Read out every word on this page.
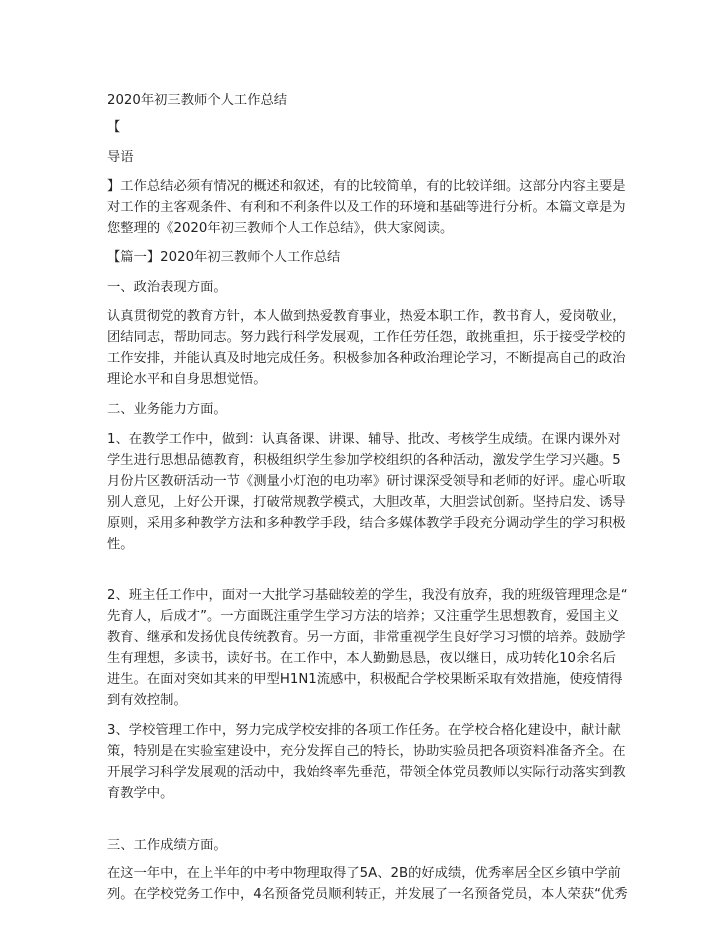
2020年初三教师个人工作总结
【
导语
】工作总结必须有情况的概述和叙述，有的比较简单，有的比较详细。这部分内容主要是
对工作的主客观条件、有利和不利条件以及工作的环境和基础等进行分析。本篇文章是为
您整理的《2020年初三教师个人工作总结》，供大家阅读。
【篇一】2020年初三教师个人工作总结
一、政治表现方面。
认真贯彻党的教育方针，本人做到热爱教育事业，热爱本职工作，教书育人，爱岗敬业，
团结同志，帮助同志。努力践行科学发展观，工作任劳任怨，敢挑重担，乐于接受学校的
工作安排，并能认真及时地完成任务。积极参加各种政治理论学习，不断提高自己的政治
理论水平和自身思想觉悟。
二、业务能力方面。
1、在教学工作中，做到：认真备课、讲课、辅导、批改、考核学生成绩。在课内课外对
学生进行思想品德教育，积极组织学生参加学校组织的各种活动，激发学生学习兴趣。5
月份片区教研活动一节《测量小灯泡的电功率》研讨课深受领导和老师的好评。虚心听取
别人意见，上好公开课，打破常规教学模式，大胆改革，大胆尝试创新。坚持启发、诱导
原则，采用多种教学方法和多种教学手段，结合多媒体教学手段充分调动学生的学习积极
性。
2、班主任工作中，面对一大批学习基础较差的学生，我没有放弃，我的班级管理理念是“
先育人，后成才”。一方面既注重学生学习方法的培养；又注重学生思想教育，爱国主义
教育、继承和发扬优良传统教育。另一方面，非常重视学生良好学习习惯的培养。鼓励学
生有理想，多读书，读好书。在工作中，本人勤勤恳恳，夜以继日，成功转化10余名后
进生。在面对突如其来的甲型H1N1流感中，积极配合学校果断采取有效措施，使疫情得
到有效控制。
3、学校管理工作中，努力完成学校安排的各项工作任务。在学校合格化建设中，献计献
策，特别是在实验室建设中，充分发挥自己的特长，协助实验员把各项资料准备齐全。在
开展学习科学发展观的活动中，我始终率先垂范，带领全体党员教师以实际行动落实到教
育教学中。
三、工作成绩方面。
在这一年中，在上半年的中考中物理取得了5A、2B的好成绩，优秀率居全区乡镇中学前
列。在学校党务工作中，4名预备党员顺利转正，并发展了一名预备党员，本人荣获“优秀
